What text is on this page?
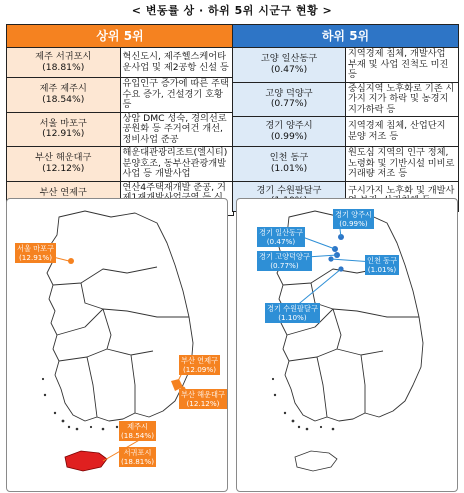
< 변동률 상 · 하위 5위 시군구 현황 >
상위 5위	
제주 서귀포시
(18.81%)	혁신도시, 제주헬스케어타운사업 및 제2공항 신설 등
제주 제주시
(18.54%)	유입인구 증가에 따른 주택수요 증가, 건설경기 호황 등
서울 마포구
(12.91%)	상암 DMC 성숙, 경의선로 공원화 등 주거여건 개선, 정비사업 준공
부산 해운대구
(12.12%)	해운대관광리조트(엘시티) 분양호조, 동부산관광개발사업 등 개발사업
부산 연제구	연산4주택재개발 준공, 거
하위 5위	
고양 일산동구
(0.47%)	지역경제 침체, 개발사업 부재 및 사업 진척도 미진 등
고양 덕양구
(0.77%)	중심지역 노후화로 기존 시가지 지가 하락 및 농경지 지가하락 등
경기 양주시
(0.99%)	지역경제 침체, 산업단지 분양 저조 등
인천 동구
(1.01%)	원도심 지역의 인구 정체, 노령화 및 기반시설 미비로 거래량 저조 등
경기 수원팔달구	구시가지 노후화 및 개발사
서울 마포구
(12.91%)
부산 연제구
(12.09%)
부산 해운대구
(12.12%)
제주시
(18.54%)
서귀포시
(18.81%)
경기 양주시
(0.99%)
경기 일산동구
(0.47%)
경기 고양덕양구
(0.77%)
인천 동구
(1.01%)
경기 수원팔달구
(1.10%)
